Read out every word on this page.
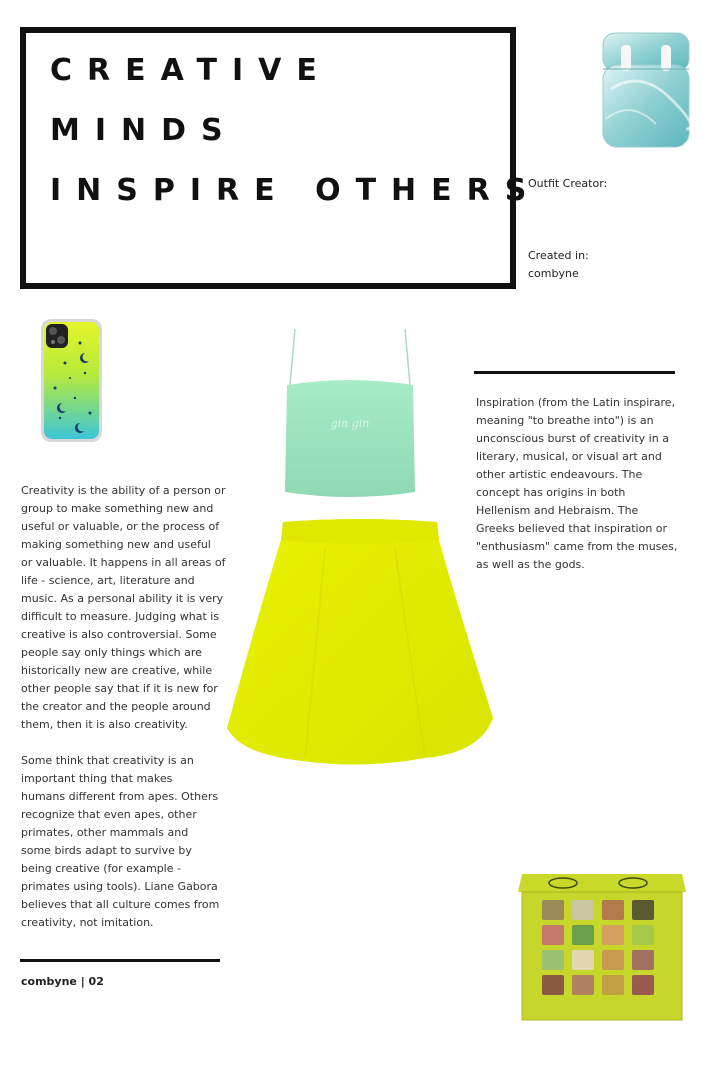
CREATIVE
MINDS
INSPIRE OTHERS
Outfit Creator:
Created in:
combyne
Inspiration (from the Latin inspirare,
meaning "to breathe into") is an
unconscious burst of creativity in a
literary, musical, or visual art and
other artistic endeavours. The
concept has origins in both
Hellenism and Hebraism. The
Greeks believed that inspiration or
"enthusiasm" came from the muses,
as well as the gods.
gin gin
Creativity is the ability of a person or
group to make something new and
useful or valuable, or the process of
making something new and useful
or valuable. It happens in all areas of
life - science, art, literature and
music. As a personal ability it is very
difficult to measure. Judging what is
creative is also controversial. Some
people say only things which are
historically new are creative, while
other people say that if it is new for
the creator and the people around
them, then it is also creativity.
Some think that creativity is an
important thing that makes
humans different from apes. Others
recognize that even apes, other
primates, other mammals and
some birds adapt to survive by
being creative (for example -
primates using tools). Liane Gabora
believes that all culture comes from
creativity, not imitation.
combyne | 02
